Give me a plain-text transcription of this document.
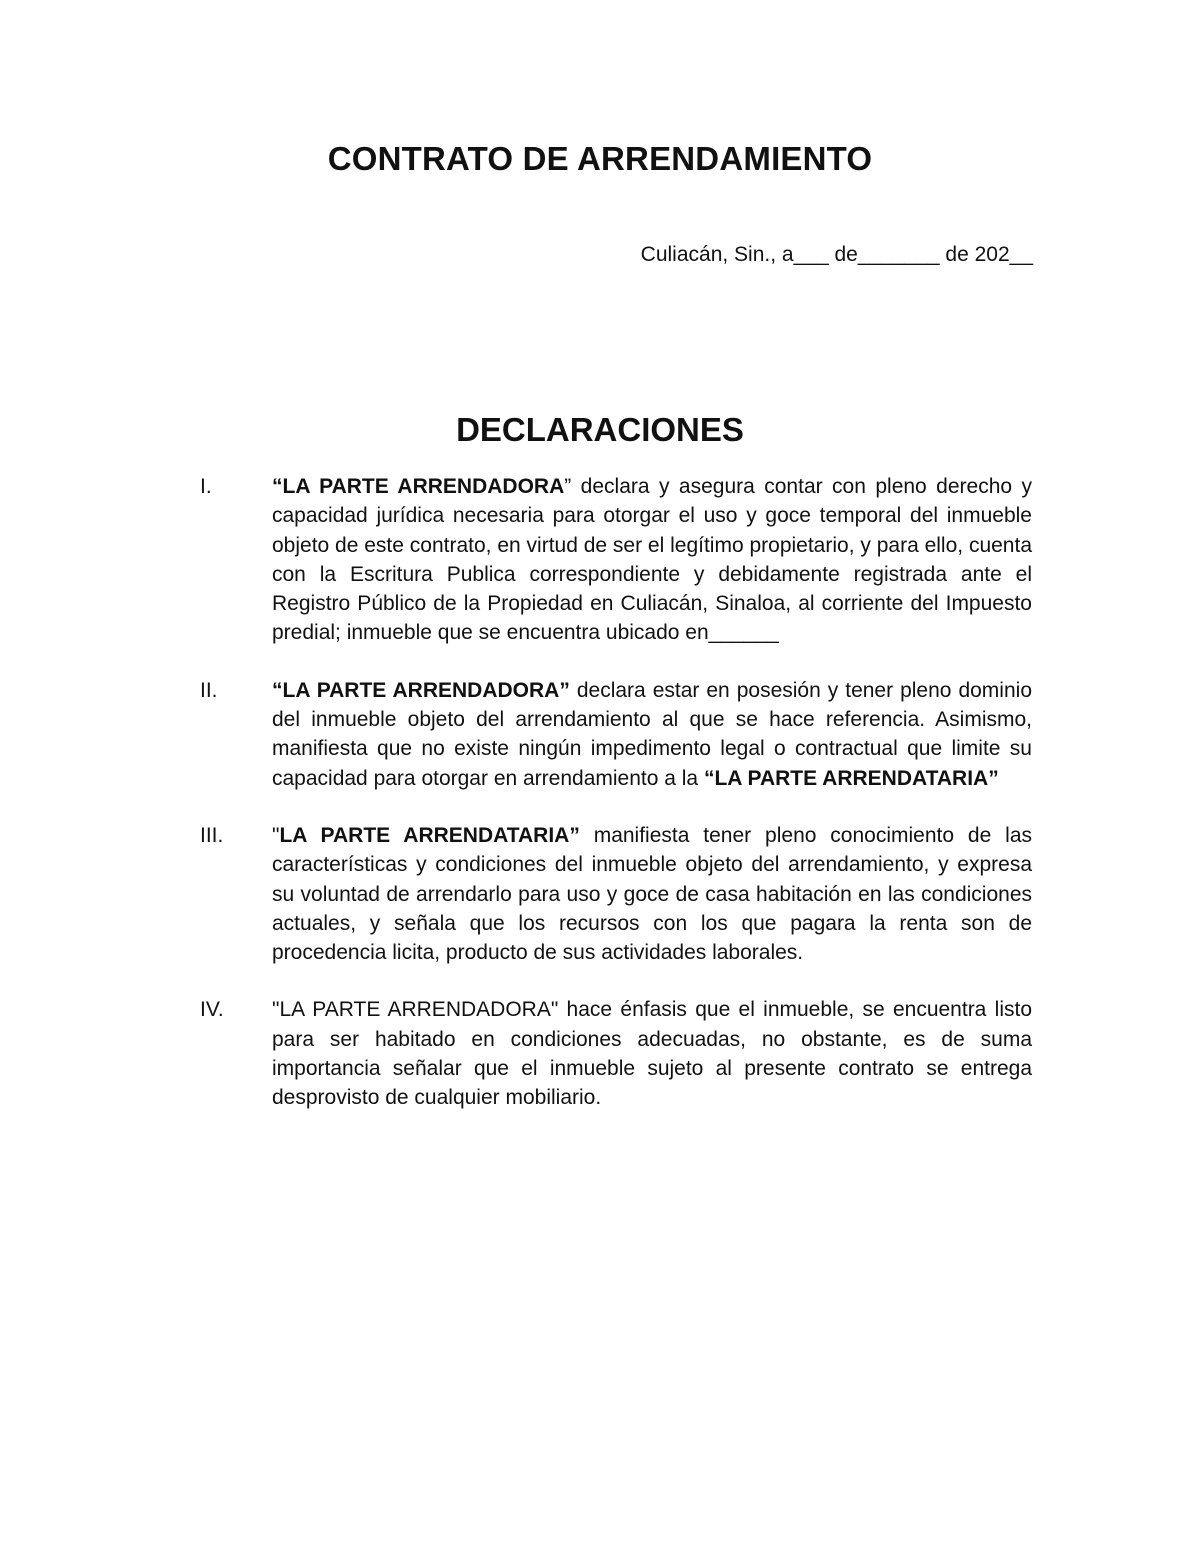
CONTRATO DE ARRENDAMIENTO

Culiacán, Sin., a___ de_______ de 202__

DECLARACIONES
I.	“LA PARTE ARRENDADORA” declara y asegura contar con pleno derecho y capacidad jurídica necesaria para otorgar el uso y goce temporal del inmueble objeto de este contrato, en virtud de ser el legítimo propietario, y para ello, cuenta con la Escritura Publica correspondiente y debidamente registrada ante el Registro Público de la Propiedad en Culiacán, Sinaloa, al corriente del Impuesto predial; inmueble que se encuentra ubicado en______
II.	“LA PARTE ARRENDADORA” declara estar en posesión y tener pleno dominio del inmueble objeto del arrendamiento al que se hace referencia. Asimismo, manifiesta que no existe ningún impedimento legal o contractual que limite su capacidad para otorgar en arrendamiento a la “LA PARTE ARRENDATARIA”
III.	"LA PARTE ARRENDATARIA” manifiesta tener pleno conocimiento de las características y condiciones del inmueble objeto del arrendamiento, y expresa su voluntad de arrendarlo para uso y goce de casa habitación en las condiciones actuales, y señala que los recursos con los que pagara la renta son de procedencia licita, producto de sus actividades laborales.
IV.	"LA PARTE ARRENDADORA" hace énfasis que el inmueble, se encuentra listo para ser habitado en condiciones adecuadas, no obstante, es de suma importancia señalar que el inmueble sujeto al presente contrato se entrega desprovisto de cualquier mobiliario.
